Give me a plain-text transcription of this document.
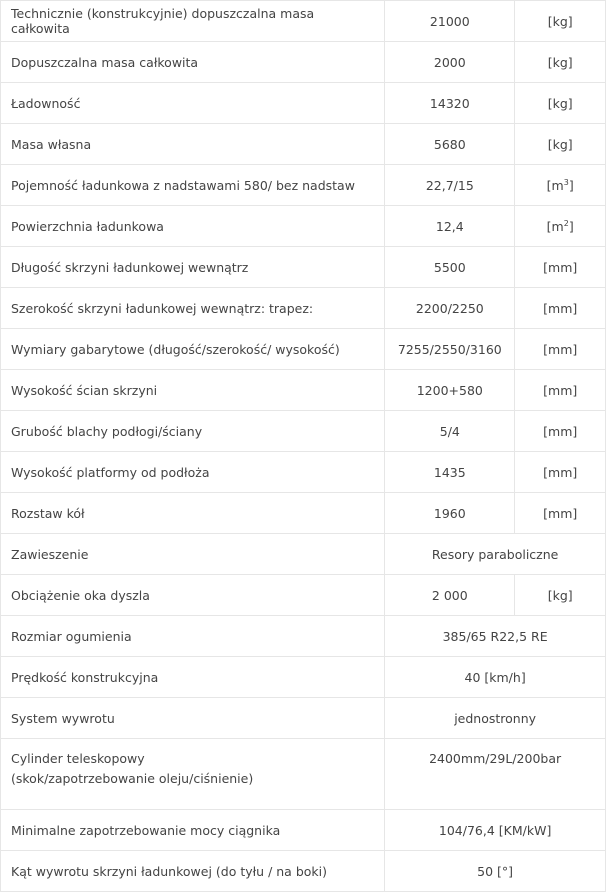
Technicznie (konstrukcyjnie) dopuszczalna masa całkowita	21000	[kg]
Dopuszczalna masa całkowita	2000	[kg]
Ładowność	14320	[kg]
Masa własna	5680	[kg]
Pojemność ładunkowa z nadstawami 580/ bez nadstaw	22,7/15	$[m^3]$
Powierzchnia ładunkowa	12,4	$[m^2]$
Długość skrzyni ładunkowej wewnątrz	5500	[mm]
Szerokość skrzyni ładunkowej wewnątrz: trapez:	2200/2250	[mm]
Wymiary gabarytowe (długość/szerokość/ wysokość)	7255/2550/3160	[mm]
Wysokość ścian skrzyni	1200+580	[mm]
Grubość blachy podłogi/ściany	5/4	[mm]
Wysokość platformy od podłoża	1435	[mm]
Rozstaw kół	1960	[mm]
Zawieszenie	Resory paraboliczne	
Obciążenie oka dyszla	2 000	[kg]
Rozmiar ogumienia	385/65 R22,5 RE	
Prędkość konstrukcyjna	40 [km/h]	
System wywrotu	jednostronny	

Cylinder teleskopowy
(skok/zapotrzebowanie oleju/ciśnienie)	2400mm/29L/200bar	
Minimalne zapotrzebowanie mocy ciągnika	104/76,4 [KM/kW]	
Kąt wywrotu skrzyni ładunkowej (do tyłu / na boki)	50 [°]	
